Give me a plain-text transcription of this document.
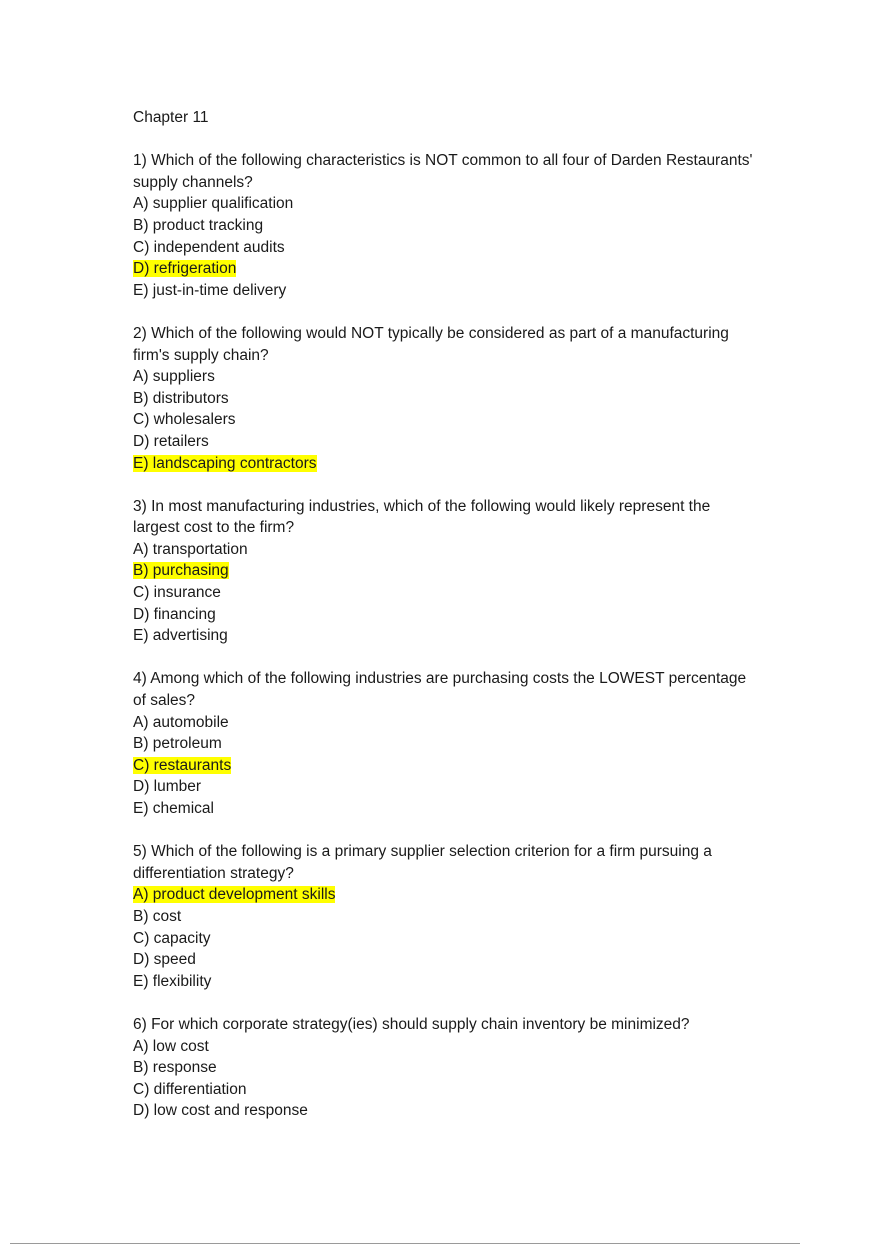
Chapter 11

1) Which of the following characteristics is NOT common to all four of Darden Restaurants' supply channels?

A) supplier qualification
B) product tracking
C) independent audits
D) refrigeration
E) just-in-time delivery

2) Which of the following would NOT typically be considered as part of a manufacturing firm's supply chain?

A) suppliers
B) distributors
C) wholesalers
D) retailers
E) landscaping contractors

3) In most manufacturing industries, which of the following would likely represent the largest cost to the firm?

A) transportation
B) purchasing
C) insurance
D) financing
E) advertising

4) Among which of the following industries are purchasing costs the LOWEST percentage of sales?

A) automobile
B) petroleum
C) restaurants
D) lumber
E) chemical

5) Which of the following is a primary supplier selection criterion for a firm pursuing a differentiation strategy?

A) product development skills
B) cost
C) capacity
D) speed
E) flexibility

6) For which corporate strategy(ies) should supply chain inventory be minimized?

A) low cost
B) response
C) differentiation
D) low cost and response
